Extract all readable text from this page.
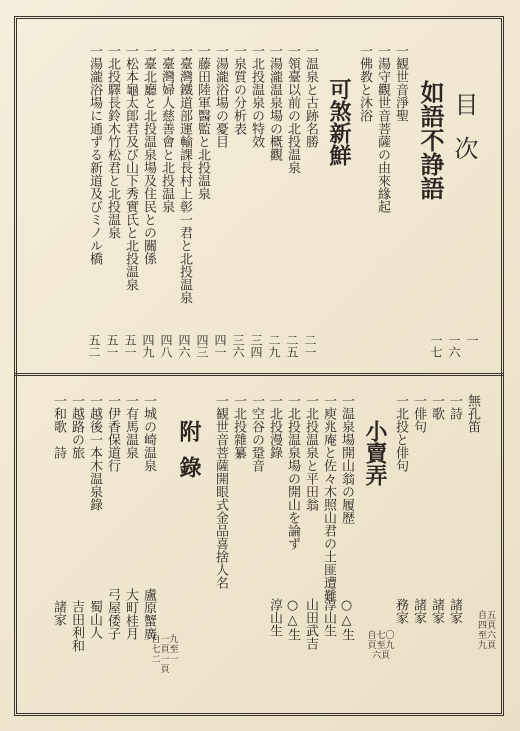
目次
如語不諍語
一観世音淨聖
一湯守觀世音菩薩の由來緣起
一佛教と沐浴
可煞新鮮
一温泉と古跡名勝
一領臺以前の北投温泉
一湯瀧温泉場の概觀
一北投温泉の特效
一泉質の分析表
一湯瀧浴場の憂目
一藤田陸軍醫監と北投温泉
一臺灣鐵道部運輸課長村上彰一君と北投温泉
一臺灣婦人慈善會と北投温泉
一臺北廳と北投温泉場及住民との關係
一松本龜太郎君及び山下秀實氏と北投温泉
一北投驛長鈴木竹松君と北投温泉
一湯瀧浴場に通ずる新道及びミノル橋
一
一六
一七
二一
二五
二九
三四
三六
四一
四三
四六
四八
四九
五一
五一
五二
無孔笛
一詩
一歌
一俳句
一北投と俳句
小賣弄
一温泉場開山翁の履歴
一庾兆庵と佐々木照山君の土匪遭難
一北投温泉と平田翁
一北投温泉場の開山を論ず
一北投漫錄
一空谷の跫音
一北投雜纂
一観世音菩薩開眼式金品喜捨人名
諸家
諸家
諸家
務家
○△生
淳山生
山田武吉
○△生
淳山生	自五四頁至六九頁
自七〇頁至九六頁
附錄
一城の崎温泉
一有馬温泉
一伊香保道行
一越後一本木温泉錄
一越路の旅
一和歌　詩
盧原蟹廣
大町桂月
弓屋倭子
蜀山人
吉田利和
諸家
自一九七頁至二一一頁
